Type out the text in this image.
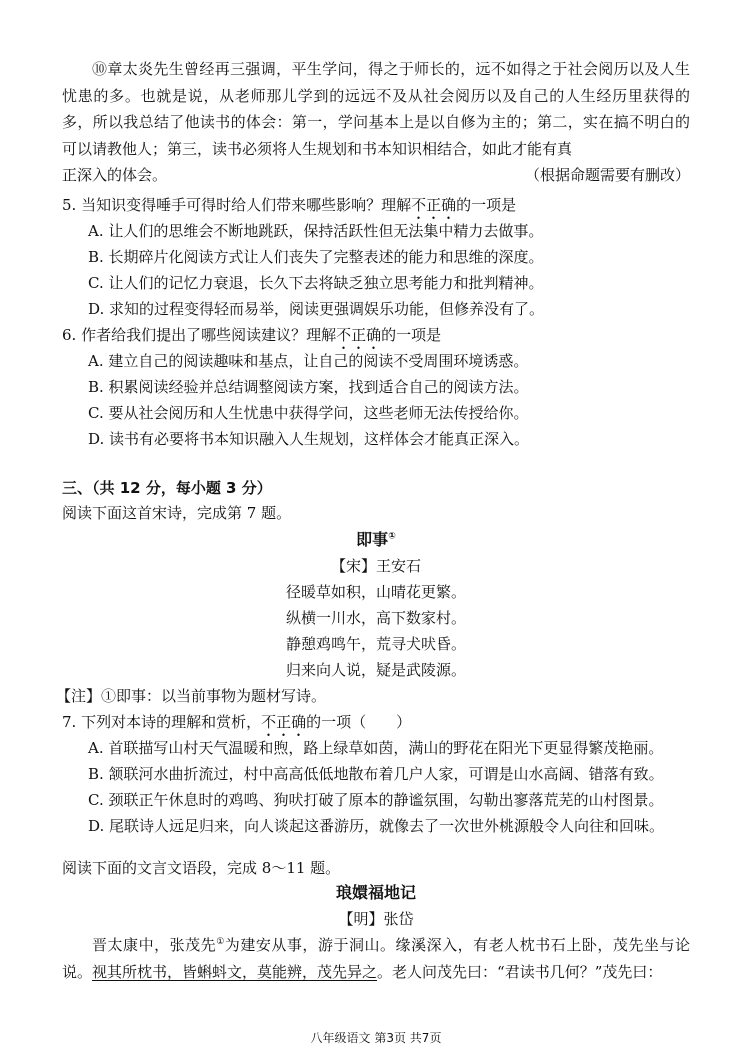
⑩章太炎先生曾经再三强调，平生学问，得之于师长的，远不如得之于社会阅历以及人生忧患的多。也就是说，从老师那儿学到的远远不及从社会阅历以及自己的人生经历里获得的多，所以我总结了他读书的体会：第一，学问基本上是以自修为主的；第二，实在搞不明白的可以请教他人；第三，读书必须将人生规划和书本知识相结合，如此才能有真
正深入的体会。	（根据命题需要有删改）
5. 当知识变得唾手可得时给人们带来哪些影响？理解不正确的一项是
A. 让人们的思维会不断地跳跃，保持活跃性但无法集中精力去做事。
B. 长期碎片化阅读方式让人们丧失了完整表述的能力和思维的深度。
C. 让人们的记忆力衰退，长久下去将缺乏独立思考能力和批判精神。
D. 求知的过程变得轻而易举，阅读更强调娱乐功能，但修养没有了。
6. 作者给我们提出了哪些阅读建议？理解不正确的一项是
A. 建立自己的阅读趣味和基点，让自己的阅读不受周围环境诱惑。
B. 积累阅读经验并总结调整阅读方案，找到适合自己的阅读方法。
C. 要从社会阅历和人生忧患中获得学问，这些老师无法传授给你。
D. 读书有必要将书本知识融入人生规划，这样体会才能真正深入。
三、（共 12 分，每小题 3 分）
阅读下面这首宋诗，完成第 7 题。
即事①
【宋】王安石
径暖草如积，山晴花更繁。
纵横一川水，高下数家村。
静憩鸡鸣午，荒寻犬吠昏。
归来向人说，疑是武陵源。
【注】①即事：以当前事物为题材写诗。
7. 下列对本诗的理解和赏析，不正确的一项（　　）
A. 首联描写山村天气温暖和煦，路上绿草如茵，满山的野花在阳光下更显得繁茂艳丽。
B. 颔联河水曲折流过，村中高高低低地散布着几户人家，可谓是山水高阔、错落有致。
C. 颈联正午休息时的鸡鸣、狗吠打破了原本的静谧氛围，勾勒出寥落荒芜的山村图景。
D. 尾联诗人远足归来，向人谈起这番游历，就像去了一次世外桃源般令人向往和回味。
阅读下面的文言文语段，完成 8～11 题。
琅嬛福地记
【明】张岱
晋太康中，张茂先①为建安从事，游于洞山。缘溪深入，有老人枕书石上卧，茂先坐与论说。视其所枕书，皆蝌蚪文，莫能辨，茂先异之。老人问茂先曰：“君读书几何？”茂先曰：
八年级语文 第3页 共7页
